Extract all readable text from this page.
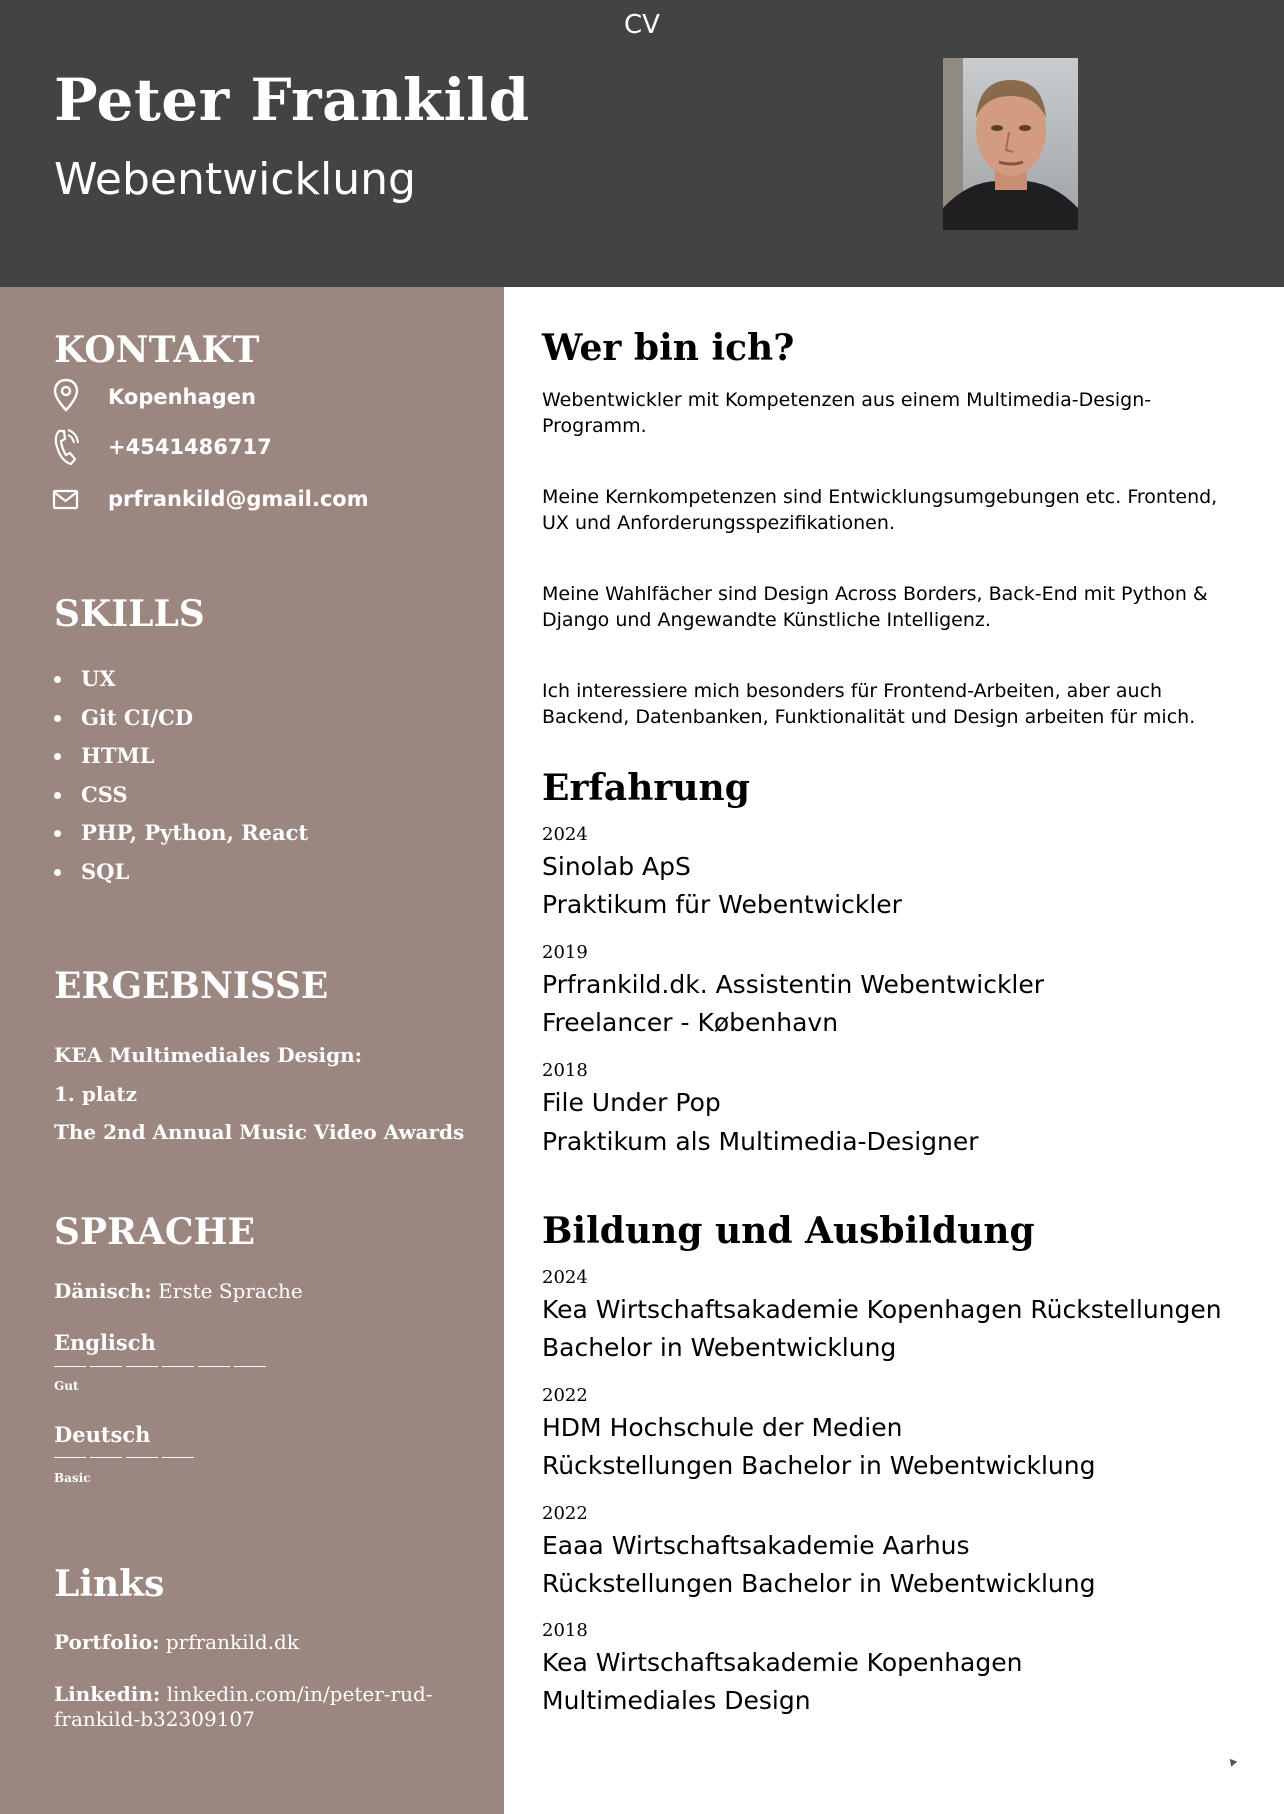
CV
Peter Frankild
Webentwicklung
KONTAKT
Kopenhagen
+4541486717
prfrankild@gmail.com
SKILLS
UX
Git CI/CD
HTML
CSS
PHP, Python, React
SQL
ERGEBNISSE
KEA Multimediales Design:
1. platz
The 2nd Annual Music Video Awards
SPRACHE
Dänisch: Erste Sprache
Englisch
Gut
Deutsch
Basic
Links
Portfolio: prfrankild.dk
Linkedin: linkedin.com/in/peter-rud-frankild-b32309107
Wer bin ich?

Webentwickler mit Kompetenzen aus einem Multimedia-Design-Programm.

Meine Kernkompetenzen sind Entwicklungsumgebungen etc. Frontend, UX und Anforderungsspezifikationen.

Meine Wahlfächer sind Design Across Borders, Back-End mit Python & Django und Angewandte Künstliche Intelligenz.

Ich interessiere mich besonders für Frontend-Arbeiten, aber auch Backend, Datenbanken, Funktionalität und Design arbeiten für mich.

Erfahrung
2024
Sinolab ApS
Praktikum für Webentwickler
2019
Prfrankild.dk. Assistentin Webentwickler
Freelancer - København
2018
File Under Pop
Praktikum als Multimedia-Designer
Bildung und Ausbildung
2024
Kea Wirtschaftsakademie Kopenhagen Rückstellungen
Bachelor in Webentwicklung
2022
HDM Hochschule der Medien
Rückstellungen Bachelor in Webentwicklung
2022
Eaaa Wirtschaftsakademie Aarhus
Rückstellungen Bachelor in Webentwicklung
2018
Kea Wirtschaftsakademie Kopenhagen
Multimediales Design
